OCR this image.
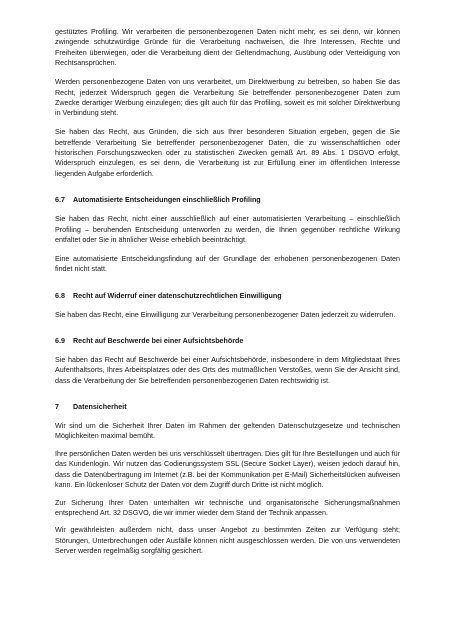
gestütztes Profiling. Wir verarbeiten die personenbezogenen Daten nicht mehr, es sei denn, wir können zwingende schutzwürdige Gründe für die Verarbeitung nachweisen, die Ihre Interessen, Rechte und Freiheiten überwiegen, oder die Verarbeitung dient der Geltendmachung, Ausübung oder Verteidigung von Rechtsansprüchen.

Werden personenbezogene Daten von uns verarbeitet, um Direktwerbung zu betreiben, so haben Sie das Recht, jederzeit Widerspruch gegen die Verarbeitung Sie betreffender personenbezogener Daten zum Zwecke derartiger Werbung einzulegen; dies gilt auch für das Profiling, soweit es mit solcher Direktwerbung in Verbindung steht.

Sie haben das Recht, aus Gründen, die sich aus Ihrer besonderen Situation ergeben, gegen die Sie betreffende Verarbeitung Sie betreffender personenbezogener Daten, die zu wissenschaftlichen oder historischen Forschungszwecken oder zu statistischen Zwecken gemäß Art. 89 Abs. 1 DSGVO erfolgt, Widerspruch einzulegen, es sei denn, die Verarbeitung ist zur Erfüllung einer im öffentlichen Interesse liegenden Aufgabe erforderlich.

6.7	Automatisierte Entscheidungen einschließlich Profiling

Sie haben das Recht, nicht einer ausschließlich auf einer automatisierten Verarbeitung – einschließlich Profiling – beruhenden Entscheidung unterworfen zu werden, die Ihnen gegenüber rechtliche Wirkung entfaltet oder Sie in ähnlicher Weise erheblich beeinträchtigt.

Eine automatisierte Entscheidungsfindung auf der Grundlage der erhobenen personenbezogenen Daten findet nicht statt.

6.8	Recht auf Widerruf einer datenschutzrechtlichen Einwilligung

Sie haben das Recht, eine Einwilligung zur Verarbeitung personenbezogener Daten jederzeit zu widerrufen.

6.9	Recht auf Beschwerde bei einer Aufsichtsbehörde

Sie haben das Recht auf Beschwerde bei einer Aufsichtsbehörde, insbesondere in dem Mitgliedstaat Ihres Aufenthaltsorts, Ihres Arbeitsplatzes oder des Orts des mutmaßlichen Verstoßes, wenn Sie der Ansicht sind, dass die Verarbeitung der Sie betreffenden personenbezogenen Daten rechtswidrig ist.

7	Datensicherheit

Wir sind um die Sicherheit Ihrer Daten im Rahmen der geltenden Datenschutzgesetze und technischen Möglichkeiten maximal bemüht.

Ihre persönlichen Daten werden bei uns verschlüsselt übertragen. Dies gilt für Ihre Bestellungen und auch für das Kundenlogin. Wir nutzen das Codierungssystem SSL (Secure Socket Layer), weisen jedoch darauf hin, dass die Datenübertragung im Internet (z.B. bei der Kommunikation per E-Mail) Sicherheitslücken aufweisen kann. Ein lückenloser Schutz der Daten vor dem Zugriff durch Dritte ist nicht möglich.

Zur Sicherung Ihrer Daten unterhalten wir technische und organisatorische Sicherungsmaßnahmen entsprechend Art. 32 DSGVO, die wir immer wieder dem Stand der Technik anpassen.

Wir gewährleisten außerdem nicht, dass unser Angebot zu bestimmten Zeiten zur Verfügung steht; Störungen, Unterbrechungen oder Ausfälle können nicht ausgeschlossen werden. Die von uns verwendeten Server werden regelmäßig sorgfältig gesichert.
